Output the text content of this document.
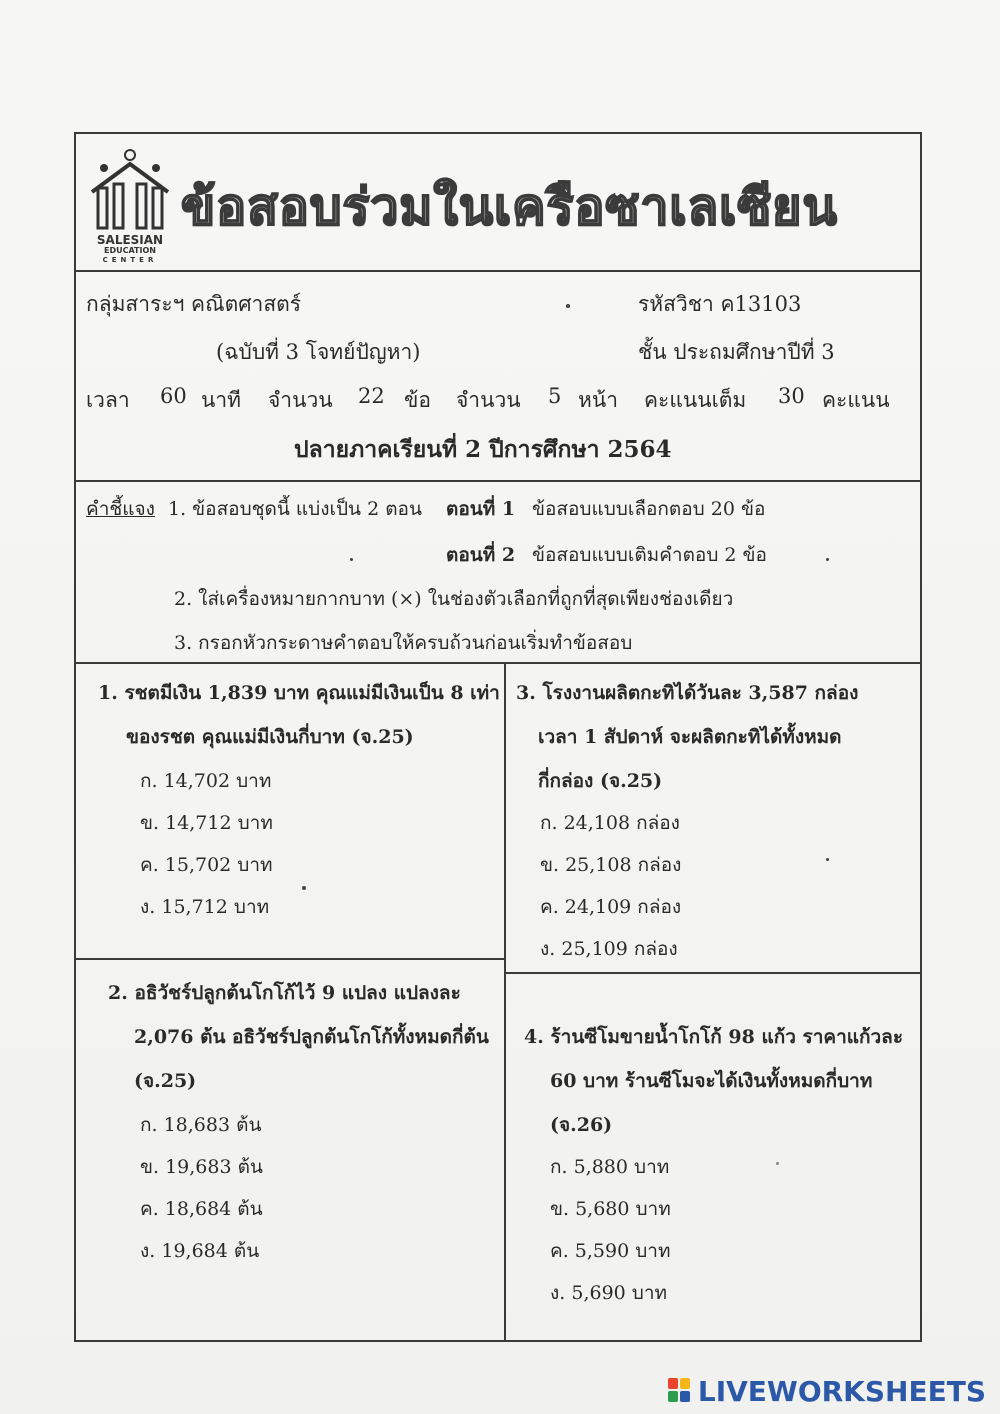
SALESIAN
EDUCATION
CENTER
ข้อสอบร่วมในเครือซาเลเซียน
กลุ่มสาระฯ คณิตศาสตร์	รหัสวิชา ค13103
(ฉบับที่ 3 โจทย์ปัญหา)	ชั้น ประถมศึกษาปีที่ 3
เวลา 60 นาที จำนวน 22 ข้อ จำนวน 5 หน้า คะแนนเต็ม 30 คะแนน
ปลายภาคเรียนที่ 2 ปีการศึกษา 2564
คำชี้แจง 1. ข้อสอบชุดนี้ แบ่งเป็น 2 ตอน ตอนที่ 1 ข้อสอบแบบเลือกตอบ 20 ข้อ
ตอนที่ 2 ข้อสอบแบบเติมคำตอบ 2 ข้อ
2. ใส่เครื่องหมายกากบาท (×) ในช่องตัวเลือกที่ถูกที่สุดเพียงช่องเดียว
3. กรอกหัวกระดาษคำตอบให้ครบถ้วนก่อนเริ่มทำข้อสอบ
1. รชตมีเงิน 1,839 บาท คุณแม่มีเงินเป็น 8 เท่า
ของรชต คุณแม่มีเงินกี่บาท (จ.25)
ก. 14,702 บาท
ข. 14,712 บาท
ค. 15,702 บาท
ง. 15,712 บาท
2. อธิวัชร์ปลูกต้นโกโก้ไว้ 9 แปลง แปลงละ
2,076 ต้น อธิวัชร์ปลูกต้นโกโก้ทั้งหมดกี่ต้น
(จ.25)
ก. 18,683 ต้น
ข. 19,683 ต้น
ค. 18,684 ต้น
ง. 19,684 ต้น
3. โรงงานผลิตกะทิได้วันละ 3,587 กล่อง
เวลา 1 สัปดาห์ จะผลิตกะทิได้ทั้งหมด
กี่กล่อง (จ.25)
ก. 24,108 กล่อง
ข. 25,108 กล่อง
ค. 24,109 กล่อง
ง. 25,109 กล่อง
4. ร้านซีโมขายน้ำโกโก้ 98 แก้ว ราคาแก้วละ
60 บาท ร้านซีโมจะได้เงินทั้งหมดกี่บาท
(จ.26)
ก. 5,880 บาท
ข. 5,680 บาท
ค. 5,590 บาท
ง. 5,690 บาท
LIVEWORKSHEETS
